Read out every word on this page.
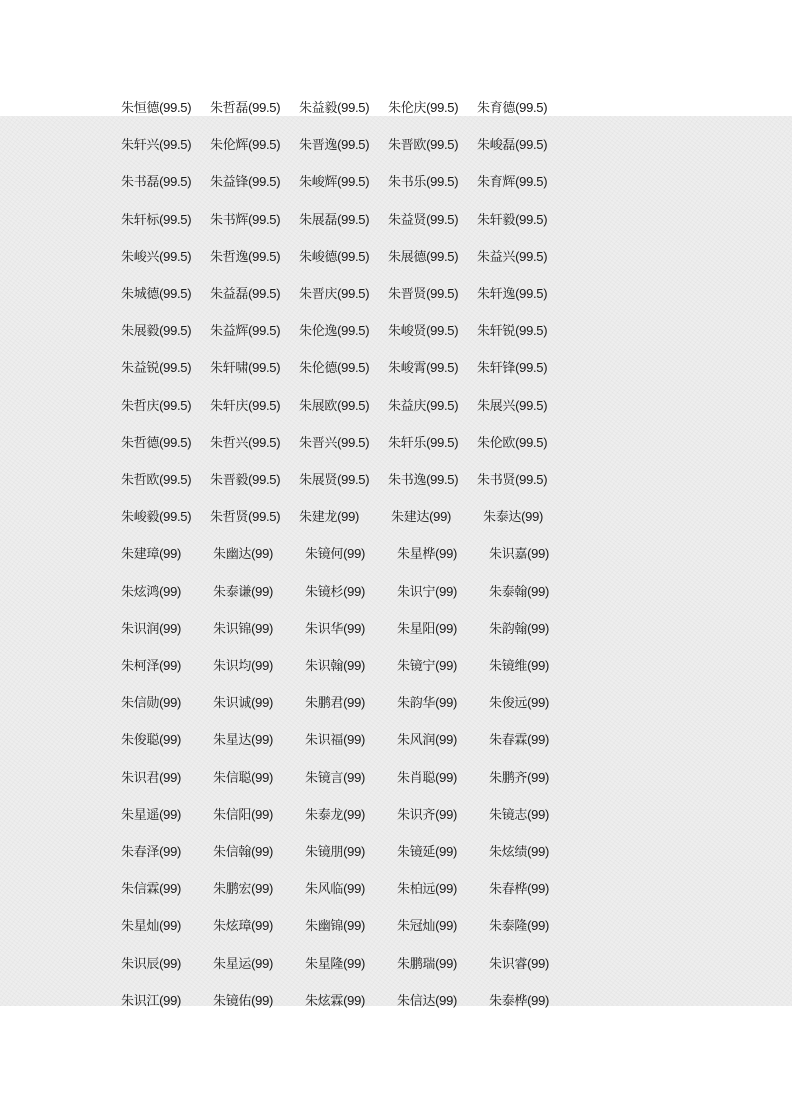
朱恒德(99.5) 朱哲磊(99.5) 朱益毅(99.5) 朱伦庆(99.5) 朱育德(99.5)
朱轩兴(99.5) 朱伦辉(99.5) 朱晋逸(99.5) 朱晋欧(99.5) 朱峻磊(99.5)
朱书磊(99.5) 朱益锋(99.5) 朱峻辉(99.5) 朱书乐(99.5) 朱育辉(99.5)
朱轩标(99.5) 朱书辉(99.5) 朱展磊(99.5) 朱益贤(99.5) 朱轩毅(99.5)
朱峻兴(99.5) 朱哲逸(99.5) 朱峻德(99.5) 朱展德(99.5) 朱益兴(99.5)
朱城德(99.5) 朱益磊(99.5) 朱晋庆(99.5) 朱晋贤(99.5) 朱轩逸(99.5)
朱展毅(99.5) 朱益辉(99.5) 朱伦逸(99.5) 朱峻贤(99.5) 朱轩锐(99.5)
朱益锐(99.5) 朱轩啸(99.5) 朱伦德(99.5) 朱峻霄(99.5) 朱轩锋(99.5)
朱哲庆(99.5) 朱轩庆(99.5) 朱展欧(99.5) 朱益庆(99.5) 朱展兴(99.5)
朱哲德(99.5) 朱哲兴(99.5) 朱晋兴(99.5) 朱轩乐(99.5) 朱伦欧(99.5)
朱哲欧(99.5) 朱晋毅(99.5) 朱展贤(99.5) 朱书逸(99.5) 朱书贤(99.5)
朱峻毅(99.5) 朱哲贤(99.5) 朱建龙(99) 朱建达(99) 朱泰达(99)
朱建璋(99) 朱幽达(99) 朱镜何(99) 朱星桦(99) 朱识嘉(99)
朱炫鸿(99) 朱泰谦(99) 朱镜杉(99) 朱识宁(99) 朱泰翰(99)
朱识润(99) 朱识锦(99) 朱识华(99) 朱星阳(99) 朱韵翰(99)
朱柯泽(99) 朱识均(99) 朱识翰(99) 朱镜宁(99) 朱镜维(99)
朱信勋(99) 朱识诚(99) 朱鹏君(99) 朱韵华(99) 朱俊远(99)
朱俊聪(99) 朱星达(99) 朱识福(99) 朱风润(99) 朱春霖(99)
朱识君(99) 朱信聪(99) 朱镜言(99) 朱肖聪(99) 朱鹏齐(99)
朱星遥(99) 朱信阳(99) 朱泰龙(99) 朱识齐(99) 朱镜志(99)
朱春泽(99) 朱信翰(99) 朱镜朋(99) 朱镜延(99) 朱炫绩(99)
朱信霖(99) 朱鹏宏(99) 朱风临(99) 朱柏远(99) 朱春桦(99)
朱星灿(99) 朱炫璋(99) 朱幽锦(99) 朱冠灿(99) 朱泰隆(99)
朱识辰(99) 朱星运(99) 朱星隆(99) 朱鹏瑞(99) 朱识睿(99)
朱识江(99) 朱镜佑(99) 朱炫霖(99) 朱信达(99) 朱泰桦(99)
